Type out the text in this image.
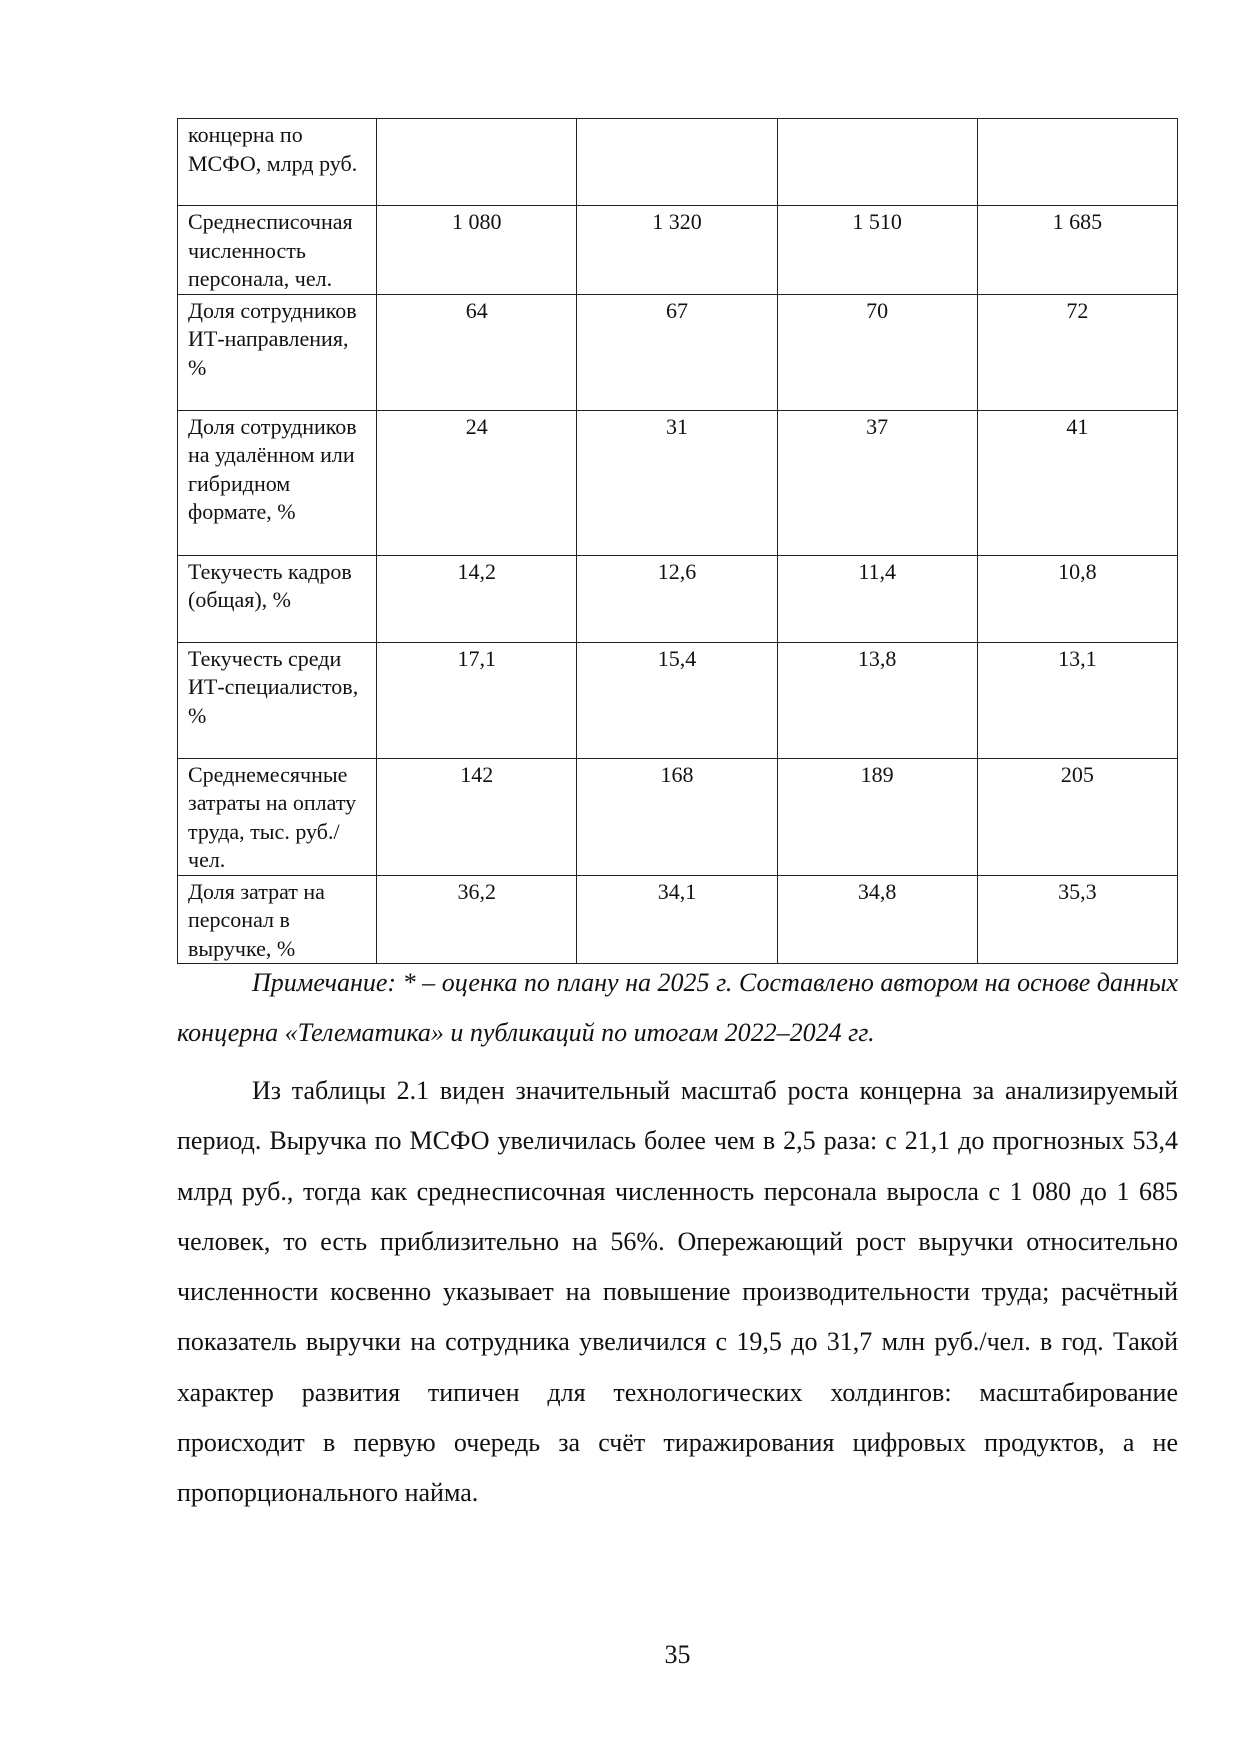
концерна по МСФО, млрд руб.				
Среднесписочная численность персонала, чел.	1 080	1 320	1 510	1 685
Доля сотрудников ИТ-направления, %	64	67	70	72
Доля сотрудников на удалённом или гибридном формате, %	24	31	37	41
Текучесть кадров (общая), %	14,2	12,6	11,4	10,8
Текучесть среди ИТ-специалистов, %	17,1	15,4	13,8	13,1
Среднемесячные затраты на оплату труда, тыс. руб./чел.	142	168	189	205
Доля затрат на персонал в выручке, %	36,2	34,1	34,8	35,3

Примечание: * – оценка по плану на 2025 г. Составлено автором на основе данных концерна «Телематика» и публикаций по итогам 2022–2024 гг.

Из таблицы 2.1 виден значительный масштаб роста концерна за анализируемый период. Выручка по МСФО увеличилась более чем в 2,5 раза: с 21,1 до прогнозных 53,4 млрд руб., тогда как среднесписочная численность персонала выросла с 1 080 до 1 685 человек, то есть приблизительно на 56%. Опережающий рост выручки относительно численности косвенно указывает на повышение производительности труда; расчётный показатель выручки на сотрудника увеличился с 19,5 до 31,7 млн руб./чел. в год. Такой характер развития типичен для технологических холдингов: масштабирование происходит в первую очередь за счёт тиражирования цифровых продуктов, а не пропорционального найма.

35
